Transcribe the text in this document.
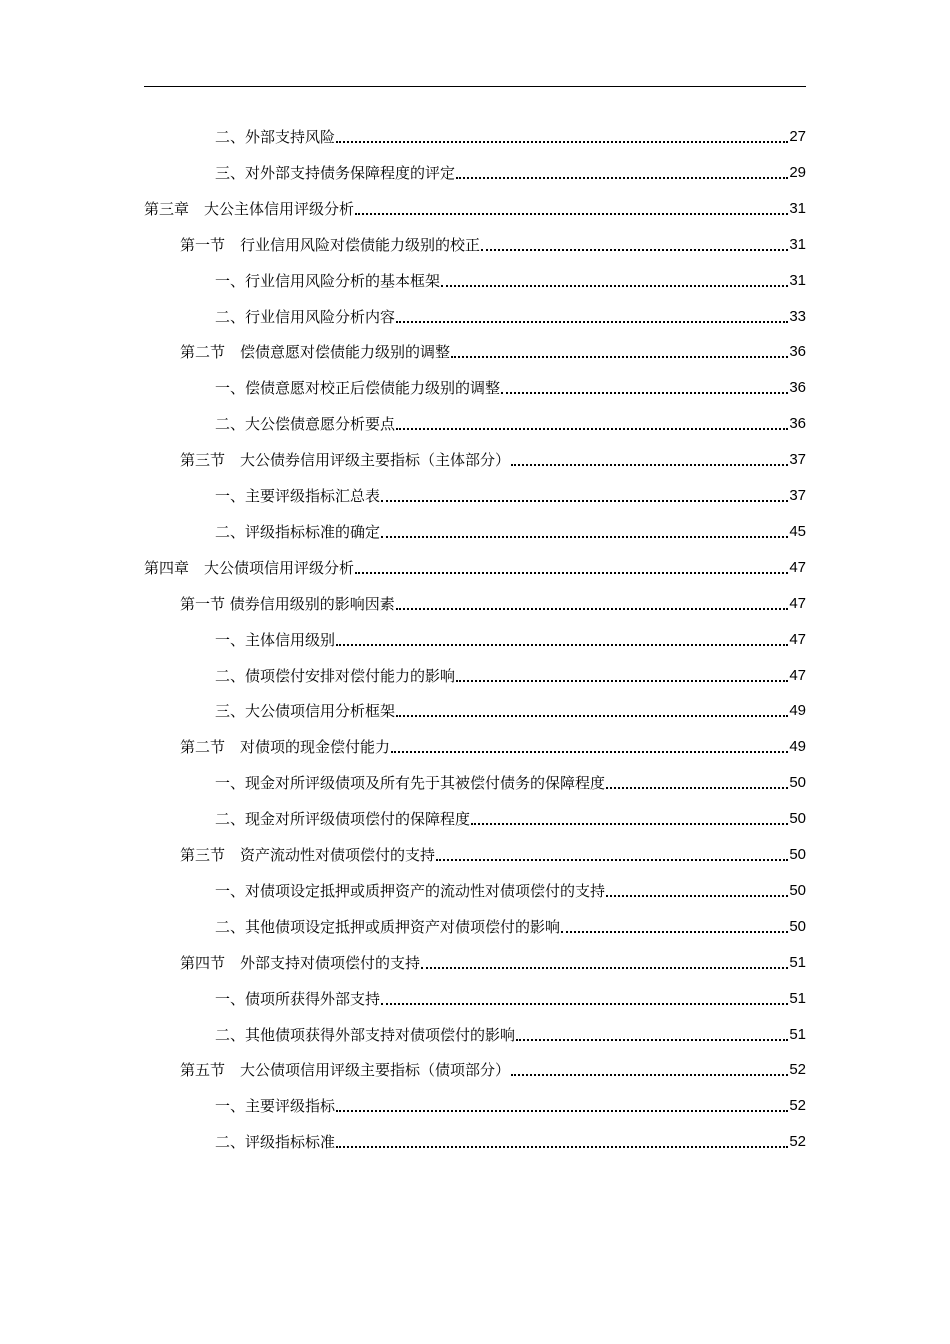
二、外部支持风险	27
三、对外部支持债务保障程度的评定	29
第三章　大公主体信用评级分析	31
第一节　行业信用风险对偿债能力级别的校正	31
一、行业信用风险分析的基本框架	31
二、行业信用风险分析内容	33
第二节　偿债意愿对偿债能力级别的调整	36
一、偿债意愿对校正后偿债能力级别的调整	36
二、大公偿债意愿分析要点	36
第三节　大公债券信用评级主要指标（主体部分）	37
一、主要评级指标汇总表	37
二、评级指标标准的确定	45
第四章　大公债项信用评级分析	47
第一节 债券信用级别的影响因素	47
一、主体信用级别	47
二、债项偿付安排对偿付能力的影响	47
三、大公债项信用分析框架	49
第二节　对债项的现金偿付能力	49
一、现金对所评级债项及所有先于其被偿付债务的保障程度	50
二、现金对所评级债项偿付的保障程度	50
第三节　资产流动性对债项偿付的支持	50
一、对债项设定抵押或质押资产的流动性对债项偿付的支持	50
二、其他债项设定抵押或质押资产对债项偿付的影响	50
第四节　外部支持对债项偿付的支持	51
一、债项所获得外部支持	51
二、其他债项获得外部支持对债项偿付的影响	51
第五节　大公债项信用评级主要指标（债项部分）	52
一、主要评级指标	52
二、评级指标标准	52
